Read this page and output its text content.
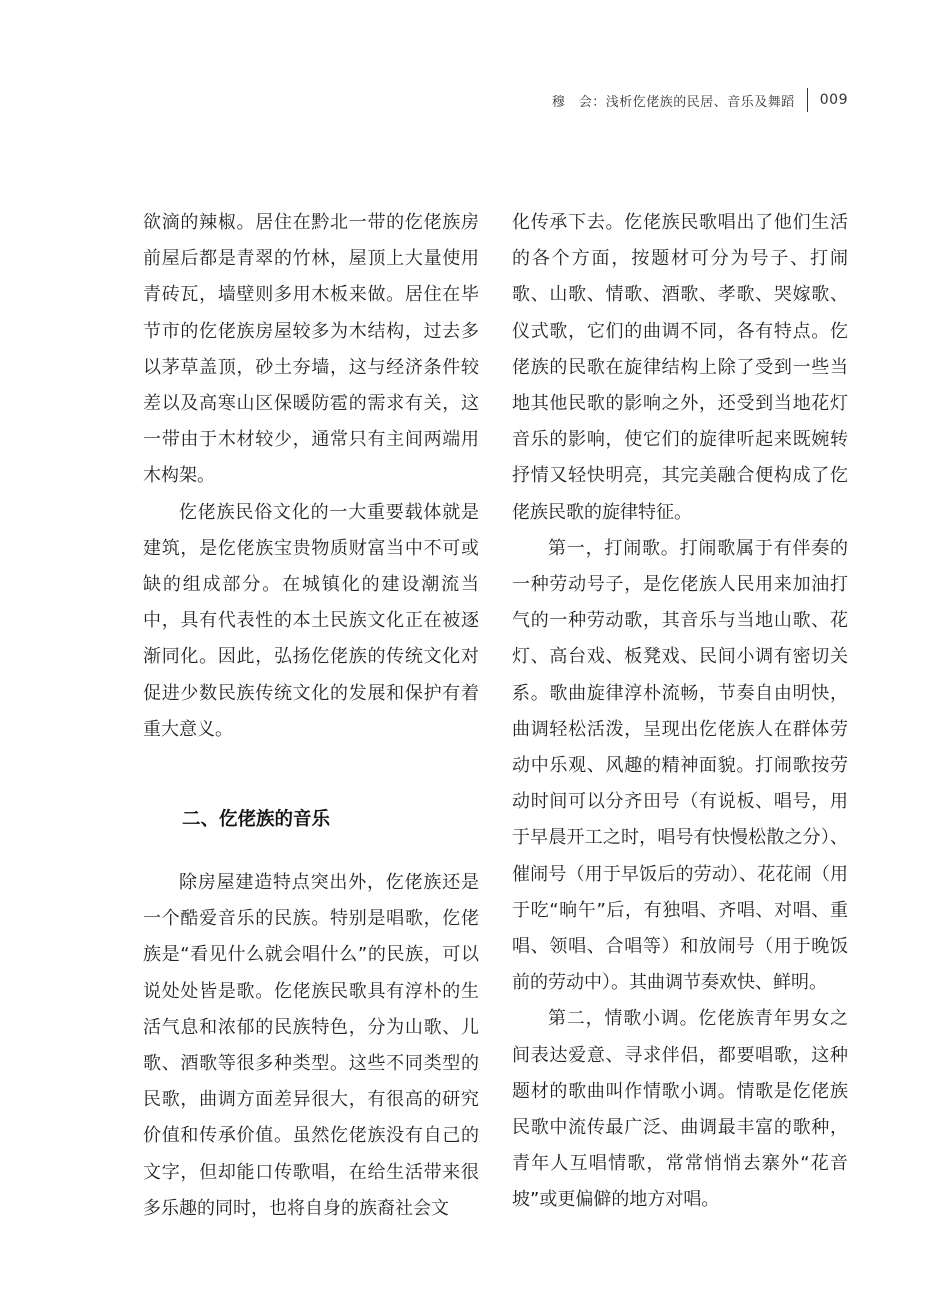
穆　会：浅析仡佬族的民居、音乐及舞蹈 009

欲滴的辣椒。居住在黔北一带的仡佬族房前屋后都是青翠的竹林，屋顶上大量使用青砖瓦，墙壁则多用木板来做。居住在毕节市的仡佬族房屋较多为木结构，过去多以茅草盖顶，砂土夯墙，这与经济条件较差以及高寒山区保暖防雹的需求有关，这一带由于木材较少，通常只有主间两端用木构架。

仡佬族民俗文化的一大重要载体就是建筑，是仡佬族宝贵物质财富当中不可或缺的组成部分。在城镇化的建设潮流当中，具有代表性的本土民族文化正在被逐渐同化。因此，弘扬仡佬族的传统文化对促进少数民族传统文化的发展和保护有着重大意义。

二、仡佬族的音乐

除房屋建造特点突出外，仡佬族还是一个酷爱音乐的民族。特别是唱歌，仡佬族是“看见什么就会唱什么”的民族，可以说处处皆是歌。仡佬族民歌具有淳朴的生活气息和浓郁的民族特色，分为山歌、儿歌、酒歌等很多种类型。这些不同类型的民歌，曲调方面差异很大，有很高的研究价值和传承价值。虽然仡佬族没有自己的文字，但却能口传歌唱，在给生活带来很多乐趣的同时，也将自身的族裔社会文

化传承下去。仡佬族民歌唱出了他们生活的各个方面，按题材可分为号子、打闹歌、山歌、情歌、酒歌、孝歌、哭嫁歌、仪式歌，它们的曲调不同，各有特点。仡佬族的民歌在旋律结构上除了受到一些当地其他民歌的影响之外，还受到当地花灯音乐的影响，使它们的旋律听起来既婉转抒情又轻快明亮，其完美融合便构成了仡佬族民歌的旋律特征。

第一，打闹歌。打闹歌属于有伴奏的一种劳动号子，是仡佬族人民用来加油打气的一种劳动歌，其音乐与当地山歌、花灯、高台戏、板凳戏、民间小调有密切关系。歌曲旋律淳朴流畅，节奏自由明快，曲调轻松活泼，呈现出仡佬族人在群体劳动中乐观、风趣的精神面貌。打闹歌按劳动时间可以分齐田号（有说板、唱号，用于早晨开工之时，唱号有快慢松散之分）、催闹号（用于早饭后的劳动）、花花闹（用于吃“晌午”后，有独唱、齐唱、对唱、重唱、领唱、合唱等）和放闹号（用于晚饭前的劳动中）。其曲调节奏欢快、鲜明。

第二，情歌小调。仡佬族青年男女之间表达爱意、寻求伴侣，都要唱歌，这种题材的歌曲叫作情歌小调。情歌是仡佬族民歌中流传最广泛、曲调最丰富的歌种，青年人互唱情歌，常常悄悄去寨外“花音坡”或更偏僻的地方对唱。
